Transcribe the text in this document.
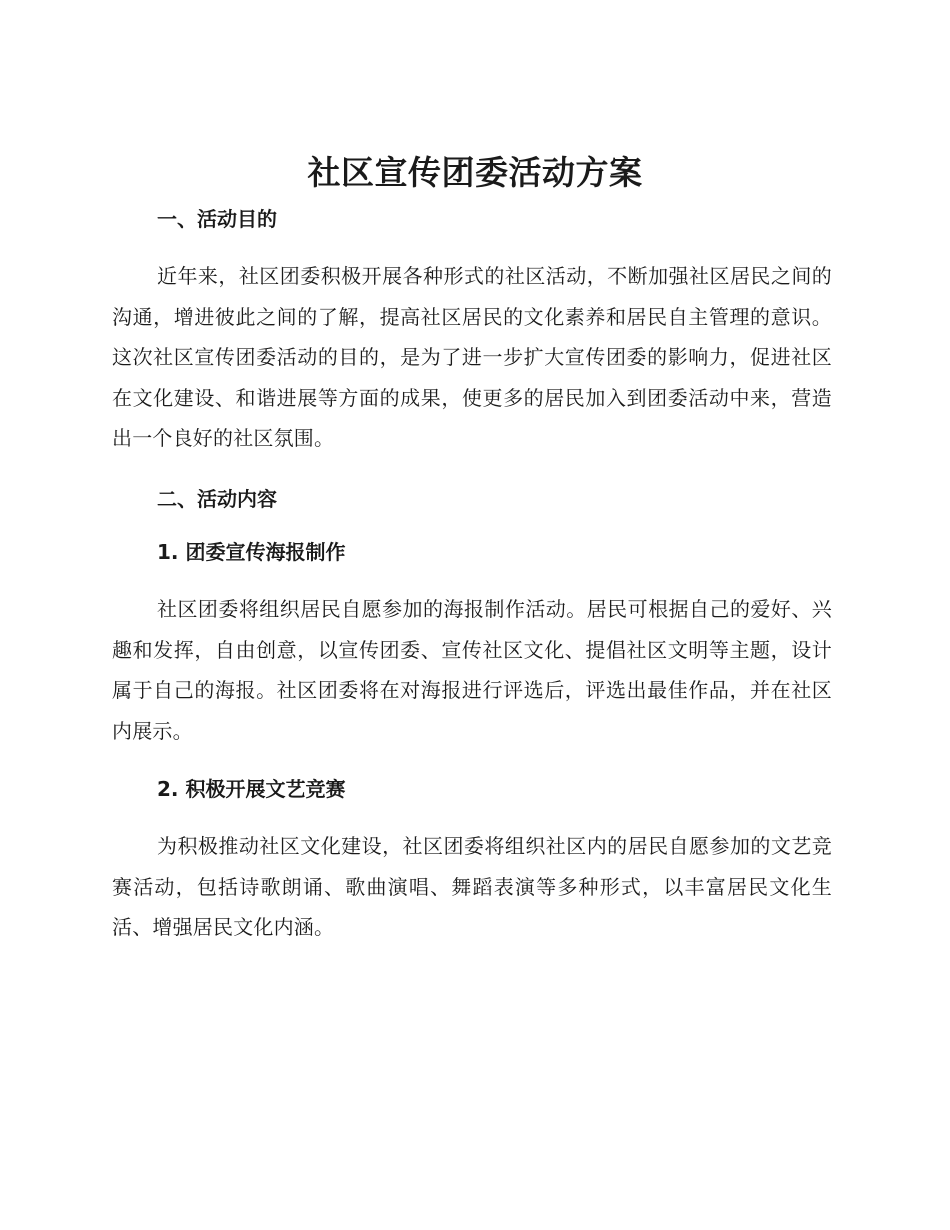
社区宣传团委活动方案
一、活动目的

近年来，社区团委积极开展各种形式的社区活动，不断加强社区居民之间的沟通，增进彼此之间的了解，提高社区居民的文化素养和居民自主管理的意识。这次社区宣传团委活动的目的，是为了进一步扩大宣传团委的影响力，促进社区在文化建设、和谐进展等方面的成果，使更多的居民加入到团委活动中来，营造出一个良好的社区氛围。

二、活动内容
1. 团委宣传海报制作

社区团委将组织居民自愿参加的海报制作活动。居民可根据自己的爱好、兴趣和发挥，自由创意，以宣传团委、宣传社区文化、提倡社区文明等主题，设计属于自己的海报。社区团委将在对海报进行评选后，评选出最佳作品，并在社区内展示。

2. 积极开展文艺竞赛

为积极推动社区文化建设，社区团委将组织社区内的居民自愿参加的文艺竞赛活动，包括诗歌朗诵、歌曲演唱、舞蹈表演等多种形式，以丰富居民文化生活、增强居民文化内涵。
